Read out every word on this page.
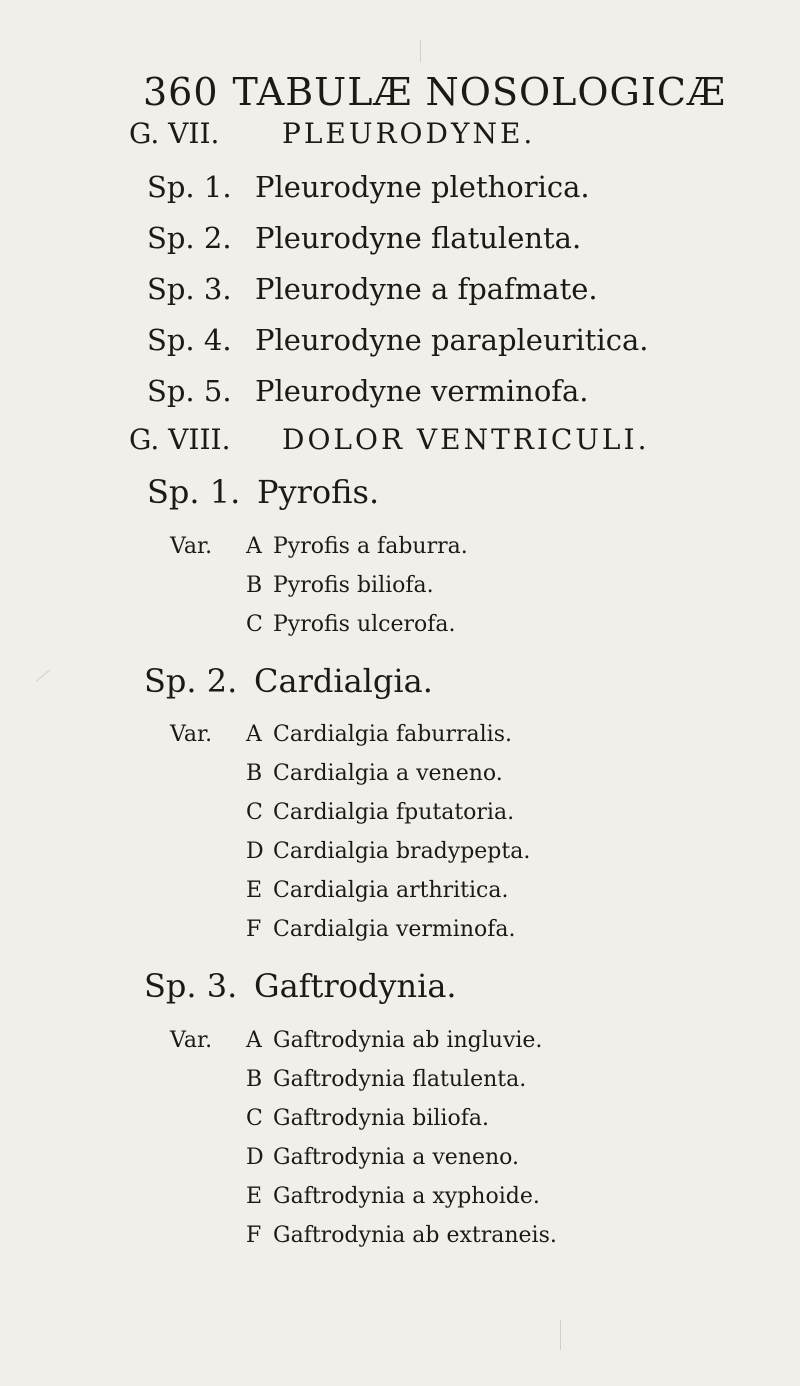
360 TABULÆ NOSOLOGICÆ
G. VII. PLEURODYNE.
Sp. 1. Pleurodyne plethorica.
Sp. 2. Pleurodyne flatulenta.
Sp. 3. Pleurodyne a fpafmate.
Sp. 4. Pleurodyne parapleuritica.
Sp. 5. Pleurodyne verminofa.
G. VIII. DOLOR VENTRICULI.
Sp. 1. Pyrofis.
Var. A Pyrofis a faburra.
B Pyrofis biliofa.
C Pyrofis ulcerofa.
Sp. 2. Cardialgia.
Var. A Cardialgia faburralis.
B Cardialgia a veneno.
C Cardialgia fputatoria.
D Cardialgia bradypepta.
E Cardialgia arthritica.
F Cardialgia verminofa.
Sp. 3. Gaftrodynia.
Var. A Gaftrodynia ab ingluvie.
B Gaftrodynia flatulenta.
C Gaftrodynia biliofa.
D Gaftrodynia a veneno.
E Gaftrodynia a xyphoide.
F Gaftrodynia ab extraneis.
